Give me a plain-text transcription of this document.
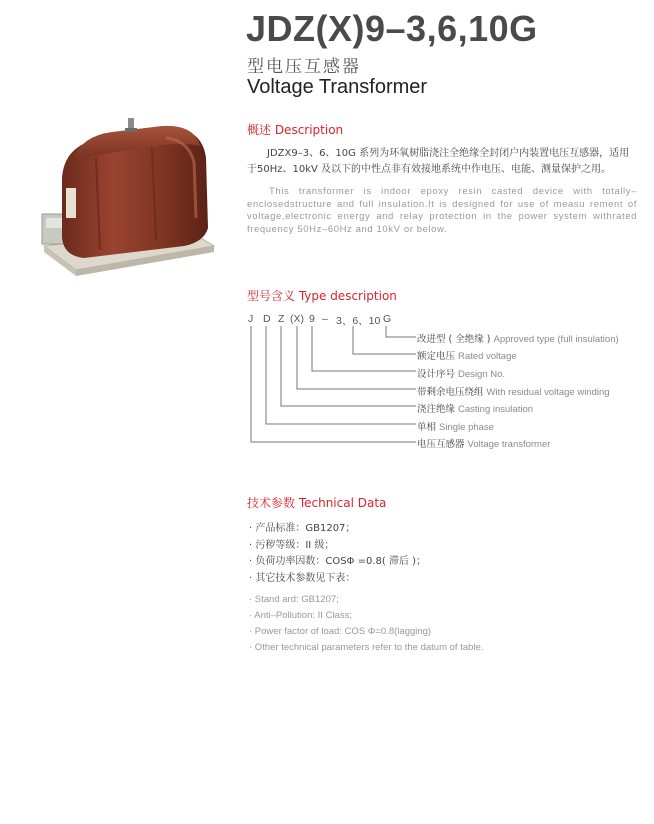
JDZ(X)9–3,6,10G
型电压互感器
Voltage Transformer
概述 Description
JDZX9–3、6、10G 系列为环氧树脂浇注全绝缘全封闭户内装置电压互感器，适用于50Hz、10kV 及以下的中性点非有效接地系统中作电压、电能、测量保护之用。
This transformer is indoor epoxy resin casted device with totally–enclosedstructure and full insulation.It is designed for use of measu rement of voltage,electronic energy and relay protection in the power system withrated frequency 50Hz–60Hz and 10kV or below.
型号含义 Type description
J D Z (X) 9 – 3、6、10 G
改进型 ( 全绝缘 ) Approved type (full insulation)
额定电压 Rated voltage
设计序号 Design No.
带剩余电压绕组 With residual voltage winding
浇注绝缘 Casting insulation
单相 Single phase
电压互感器 Voltage transformer
技术参数 Technical Data
· 产品标准：GB1207；
· 污秽等级：II 级；
· 负荷功率因数：COSΦ =0.8( 滞后 )；
· 其它技术参数见下表：
· Stand ard: GB1207;
· Anti–Pollution: II Class;
· Power factor of load: COS Φ=0.8(lagging)
· Other technical parameters refer to the datum of table.
